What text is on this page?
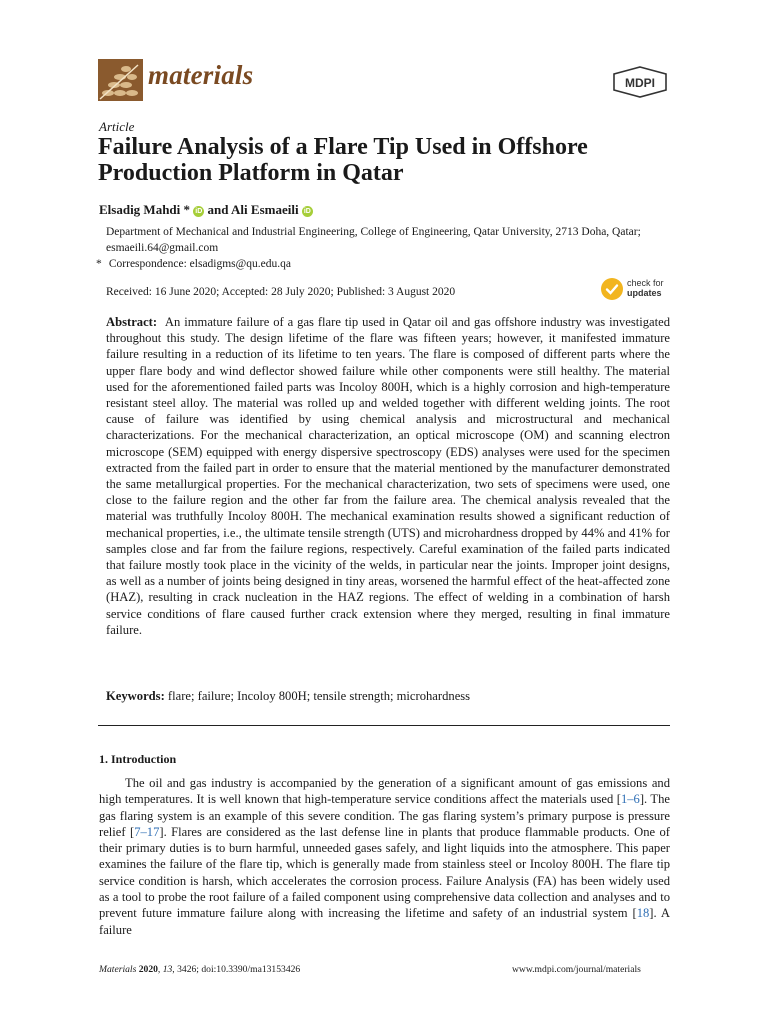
materials	MDPI
Article
Failure Analysis of a Flare Tip Used in Offshore Production Platform in Qatar
Elsadig Mahdi * iD and Ali Esmaeili iD

Department of Mechanical and Industrial Engineering, College of Engineering, Qatar University, 2713 Doha, Qatar; esmaeili.64@gmail.com

* Correspondence: elsadigms@qu.edu.qa

check for
updates
Received: 16 June 2020; Accepted: 28 July 2020; Published: 3 August 2020

Abstract: An immature failure of a gas flare tip used in Qatar oil and gas offshore industry was investigated throughout this study. The design lifetime of the flare was fifteen years; however, it manifested immature failure resulting in a reduction of its lifetime to ten years. The flare is composed of different parts where the upper flare body and wind deflector showed failure while other components were still healthy. The material used for the aforementioned failed parts was Incoloy 800H, which is a highly corrosion and high-temperature resistant steel alloy. The material was rolled up and welded together with different welding joints. The root cause of failure was identified by using chemical analysis and microstructural and mechanical characterizations. For the mechanical characterization, an optical microscope (OM) and scanning electron microscope (SEM) equipped with energy dispersive spectroscopy (EDS) analyses were used for the specimen extracted from the failed part in order to ensure that the material mentioned by the manufacturer demonstrated the same metallurgical properties. For the mechanical characterization, two sets of specimens were used, one close to the failure region and the other far from the failure area. The chemical analysis revealed that the material was truthfully Incoloy 800H. The mechanical examination results showed a significant reduction of mechanical properties, i.e., the ultimate tensile strength (UTS) and microhardness dropped by 44% and 41% for samples close and far from the failure regions, respectively. Careful examination of the failed parts indicated that failure mostly took place in the vicinity of the welds, in particular near the joints. Improper joint designs, as well as a number of joints being designed in tiny areas, worsened the harmful effect of the heat-affected zone (HAZ), resulting in crack nucleation in the HAZ regions. The effect of welding in a combination of harsh service conditions of flare caused further crack extension where they merged, resulting in final immature failure.

Keywords: flare; failure; Incoloy 800H; tensile strength; microhardness
1. Introduction

The oil and gas industry is accompanied by the generation of a significant amount of gas emissions and high temperatures. It is well known that high-temperature service conditions affect the materials used [1–6]. The gas flaring system is an example of this severe condition. The gas flaring system’s primary purpose is pressure relief [7–17]. Flares are considered as the last defense line in plants that produce flammable products. One of their primary duties is to burn harmful, unneeded gases safely, and light liquids into the atmosphere. This paper examines the failure of the flare tip, which is generally made from stainless steel or Incoloy 800H. The flare tip service condition is harsh, which accelerates the corrosion process. Failure Analysis (FA) has been widely used as a tool to probe the root failure of a failed component using comprehensive data collection and analyses and to prevent future immature failure along with increasing the lifetime and safety of an industrial system [18]. A failure

Materials 2020, 13, 3426; doi:10.3390/ma13153426	www.mdpi.com/journal/materials
